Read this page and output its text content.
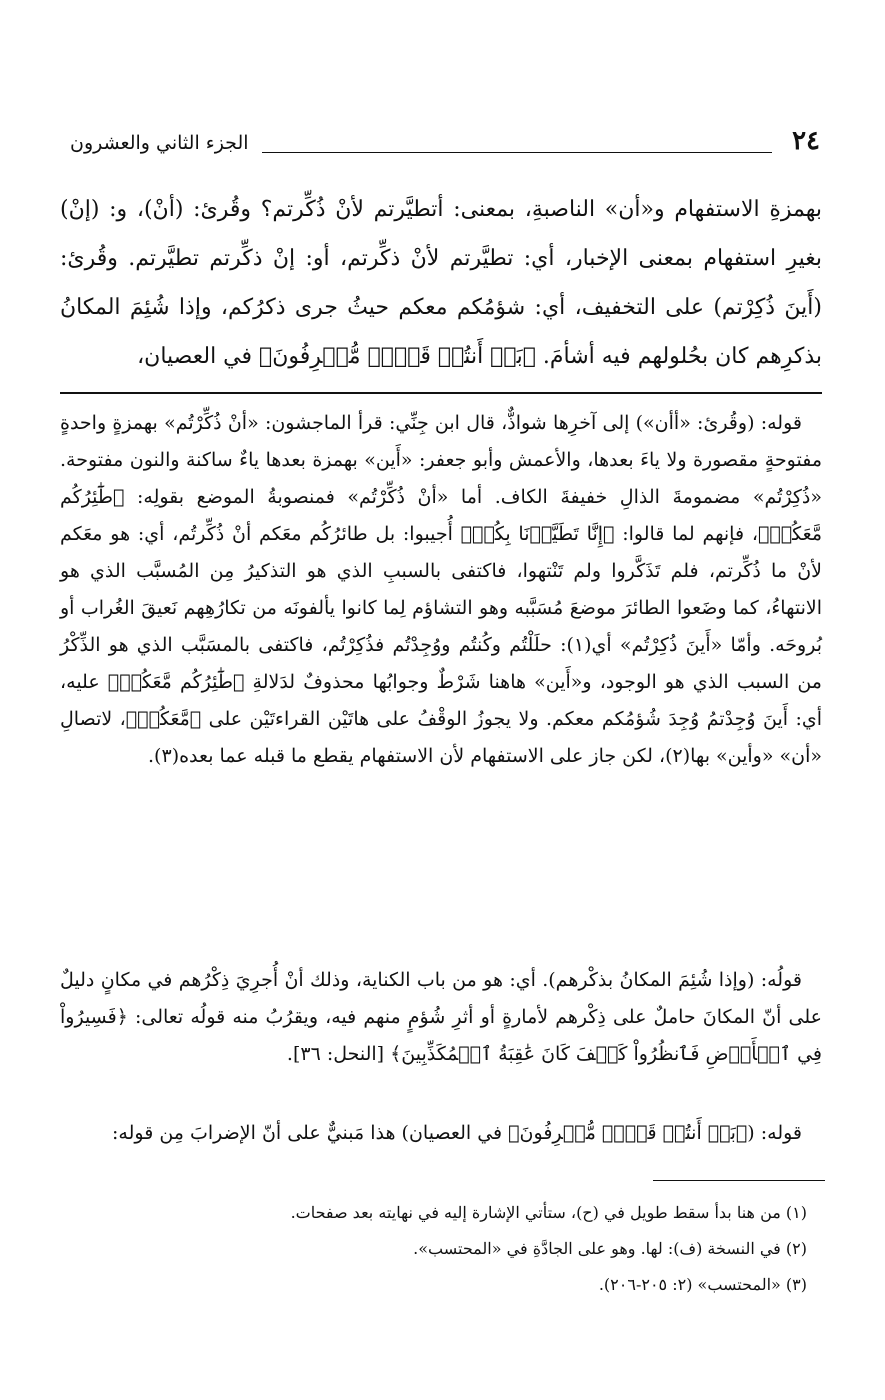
٢٤
الجزء الثاني والعشرون

بهمزةِ الاستفهام و«أن» الناصبةِ، بمعنى: أتطيَّرتم لأنْ ذُكِّرتم؟ وقُرئ: (أنْ)، و: (إنْ) بغيرِ استفهام بمعنى الإخبار، أي: تطيَّرتم لأنْ ذكِّرتم، أو: إنْ ذكِّرتم تطيَّرتم. وقُرئ: (أَينَ ذُكِرْتم) على التخفيف، أي: شؤمُكم معكم حيثُ جرى ذكرُكم، وإذا شُئِمَ المكانُ بذكرِهم كان بحُلولهم فيه أشأمَ. ﴿بَلۡ أَنتُمۡ قَوۡمٞ مُّسۡرِفُونَ﴾ في العصيان،

قوله: (وقُرئ: «أأن») إلى آخرِها شواذٌّ، قال ابن جِنِّي: قرأ الماجشون: «أنْ ذُكِّرْتُم» بهمزةٍ واحدةٍ مفتوحةٍ مقصورة ولا ياءَ بعدها، والأعمش وأبو جعفر: «أَين» بهمزة بعدها ياءٌ ساكنة والنون مفتوحة. «ذُكِرْتُم» مضمومةَ الذالِ خفيفةَ الكاف. أما «أنْ ذُكِّرْتُم» فمنصوبةُ الموضع بقولِه: ﴿طَٰٓئِرُكُم مَّعَكُمۡ﴾، فإنهم لما قالوا: ﴿إِنَّا تَطَيَّرۡنَا بِكُمۡ﴾ أُجيبوا: بل طائرُكُم معَكم أنْ ذُكِّرتُم، أي: هو معَكم لأنْ ما ذُكِّرتم، فلم تَذَكَّروا ولم تَنْتهوا، فاكتفى بالسببِ الذي هو التذكيرُ مِن المُسبَّب الذي هو الانتهاءُ، كما وضَعوا الطائرَ موضعَ مُسَبَّبه وهو التشاؤم لِما كانوا يألفونَه من تكارُهِهم نَعيقَ الغُراب أو بُروحَه. وأمّا «أَينَ ذُكِرْتُم» أي(١): حلَلْتُم وكُنتُم ووُجِدْتُم فذُكِرْتُم، فاكتفى بالمسَبَّب الذي هو الذِّكْرُ من السبب الذي هو الوجود، و«أَين» هاهنا شَرْطٌ وجوابُها محذوفٌ لدَلالةِ ﴿طَٰٓئِرُكُم مَّعَكُمۡ﴾ عليه، أي: أَينَ وُجِدْتمُ وُجِدَ شُؤمُكم معكم. ولا يجوزُ الوقْفُ على هاتَيْن القراءتَيْن على ﴿مَّعَكُمۡ﴾، لاتصالِ «أن» «وأين» بها(٢)، لكن جاز على الاستفهام لأن الاستفهام يقطع ما قبله عما بعده(٣).

قولُه: (وإذا شُئِمَ المكانُ بذكْرهم). أي: هو من باب الكناية، وذلك أنْ أُجرِيَ ذِكْرُهم في مكانٍ دليلٌ على أنّ المكانَ حاملٌ على ذِكْرهم لأمارةٍ أو أثرِ شُؤمٍ منهم فيه، ويقرُبُ منه قولُه تعالى: ﴿فَسِيرُواْ فِي ٱلۡأَرۡضِ فَٱنظُرُواْ كَيۡفَ كَانَ عَٰقِبَةُ ٱلۡمُكَذِّبِينَ﴾ [النحل: ٣٦].

قوله: (﴿بَلۡ أَنتُمۡ قَوۡمٞ مُّسۡرِفُونَ﴾ في العصيان) هذا مَبنيٌّ على أنّ الإضرابَ مِن قوله:

(١) من هنا بدأ سقط طويل في (ح)، ستأتي الإشارة إليه في نهايته بعد صفحات.

(٢) في النسخة (ف): لها. وهو على الجادَّةِ في «المحتسب».

(٣) «المحتسب» (٢: ٢٠٥-٢٠٦).
